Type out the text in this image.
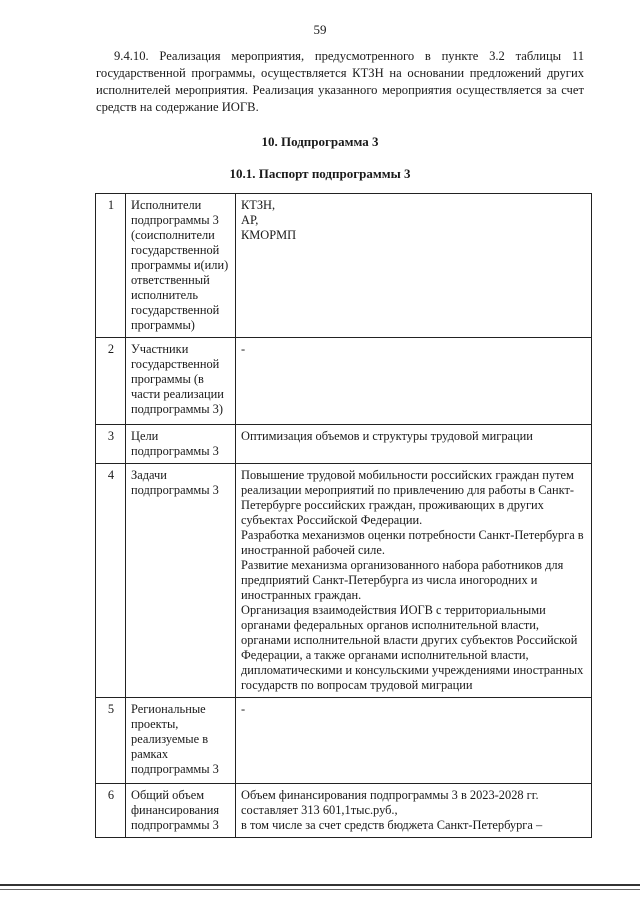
59

9.4.10. Реализация мероприятия, предусмотренного в пункте 3.2 таблицы 11 государственной программы, осуществляется КТЗН на основании предложений других исполнителей мероприятия. Реализация указанного мероприятия осуществляется за счет средств на содержание ИОГВ.

10. Подпрограмма 3
10.1. Паспорт подпрограммы 3
1	Исполнители подпрограммы 3 (соисполнители государственной программы и(или) ответственный исполнитель государственной программы)	КТЗН,
АР,
КМОРМП

2	Участники государственной программы (в части реализации подпрограммы 3)	-

3	Цели подпрограммы 3	Оптимизация объемов и структуры трудовой миграции

4	Задачи подпрограммы 3	Повышение трудовой мобильности российских граждан путем реализации мероприятий по привлечению для работы в Санкт-Петербурге российских граждан, проживающих в других субъектах Российской Федерации.
Разработка механизмов оценки потребности Санкт-Петербурга в иностранной рабочей силе.
Развитие механизма организованного набора работников для предприятий Санкт-Петербурга из числа иногородних и иностранных граждан.
Организация взаимодействия ИОГВ с территориальными органами федеральных органов исполнительной власти, органами исполнительной власти других субъектов Российской Федерации, а также органами исполнительной власти, дипломатическими и консульскими учреждениями иностранных государств по вопросам трудовой миграции

5	Региональные проекты, реализуемые в рамках подпрограммы 3	-

6	Общий объем финансирования подпрограммы 3	Объем финансирования подпрограммы 3 в 2023-2028 гг. составляет 313 601,1тыс.руб.,
в том числе за счет средств бюджета Санкт-Петербурга –
